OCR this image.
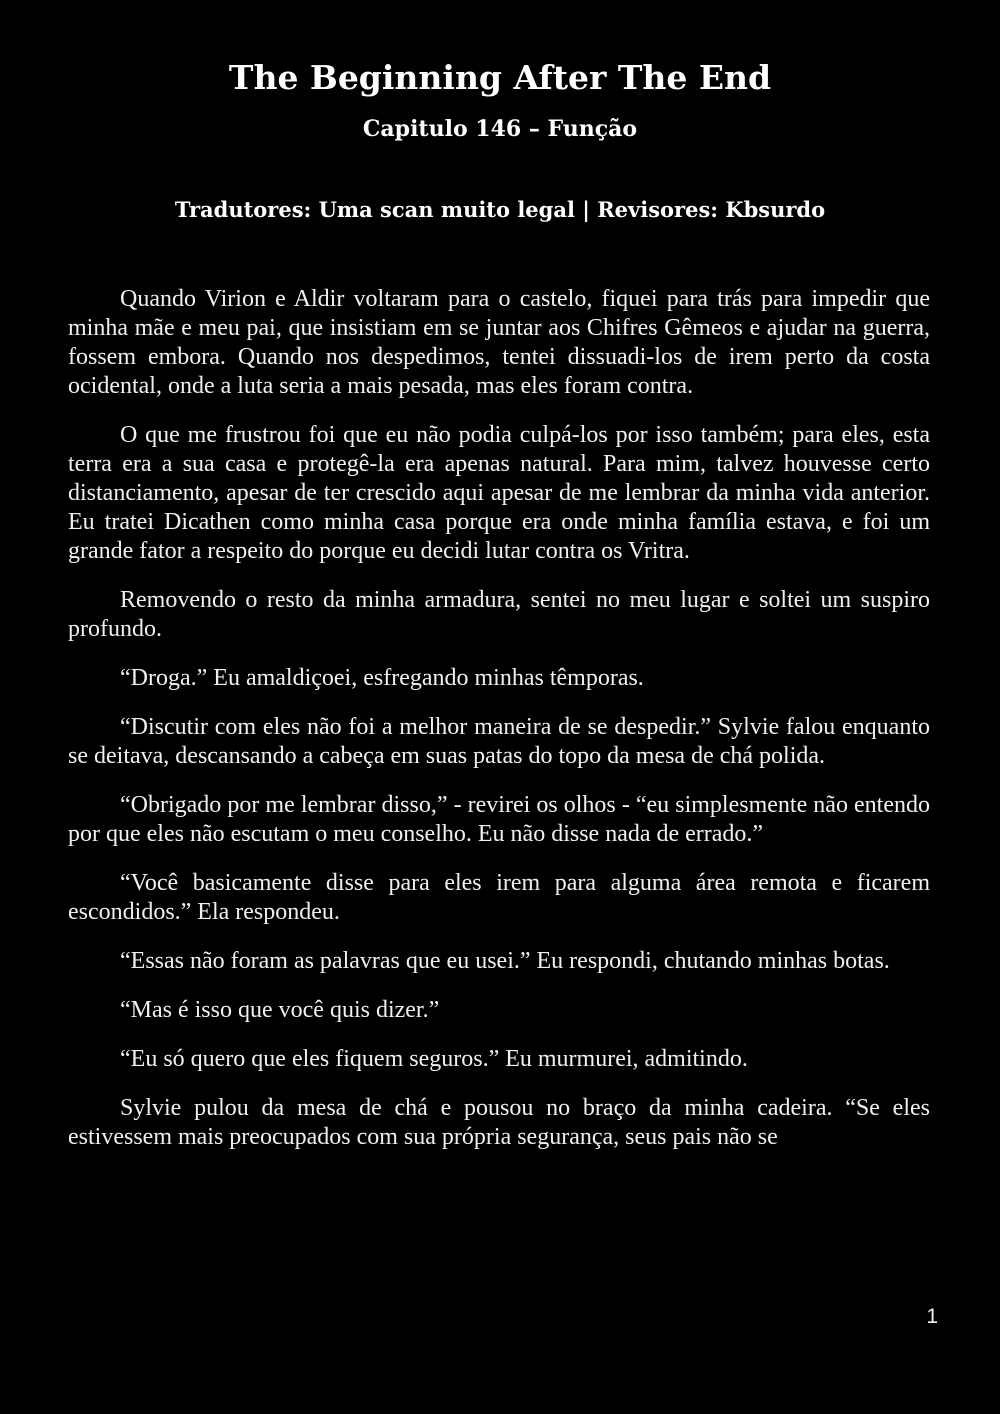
The Beginning After The End
Capitulo 146 – Função
Tradutores: Uma scan muito legal | Revisores: Kbsurdo

Quando Virion e Aldir voltaram para o castelo, fiquei para trás para impedir que minha mãe e meu pai, que insistiam em se juntar aos Chifres Gêmeos e ajudar na guerra, fossem embora. Quando nos despedimos, tentei dissuadi-los de irem perto da costa ocidental, onde a luta seria a mais pesada, mas eles foram contra.

O que me frustrou foi que eu não podia culpá-los por isso também; para eles, esta terra era a sua casa e protegê-la era apenas natural. Para mim, talvez houvesse certo distanciamento, apesar de ter crescido aqui apesar de me lembrar da minha vida anterior. Eu tratei Dicathen como minha casa porque era onde minha família estava, e foi um grande fator a respeito do porque eu decidi lutar contra os Vritra.

Removendo o resto da minha armadura, sentei no meu lugar e soltei um suspiro profundo.

“Droga.” Eu amaldiçoei, esfregando minhas têmporas.

“Discutir com eles não foi a melhor maneira de se despedir.” Sylvie falou enquanto se deitava, descansando a cabeça em suas patas do topo da mesa de chá polida.

“Obrigado por me lembrar disso,” - revirei os olhos - “eu simplesmente não entendo por que eles não escutam o meu conselho. Eu não disse nada de errado.”

“Você basicamente disse para eles irem para alguma área remota e ficarem escondidos.” Ela respondeu.

“Essas não foram as palavras que eu usei.” Eu respondi, chutando minhas botas.

“Mas é isso que você quis dizer.”

“Eu só quero que eles fiquem seguros.” Eu murmurei, admitindo.

Sylvie pulou da mesa de chá e pousou no braço da minha cadeira. “Se eles estivessem mais preocupados com sua própria segurança, seus pais não se

1
